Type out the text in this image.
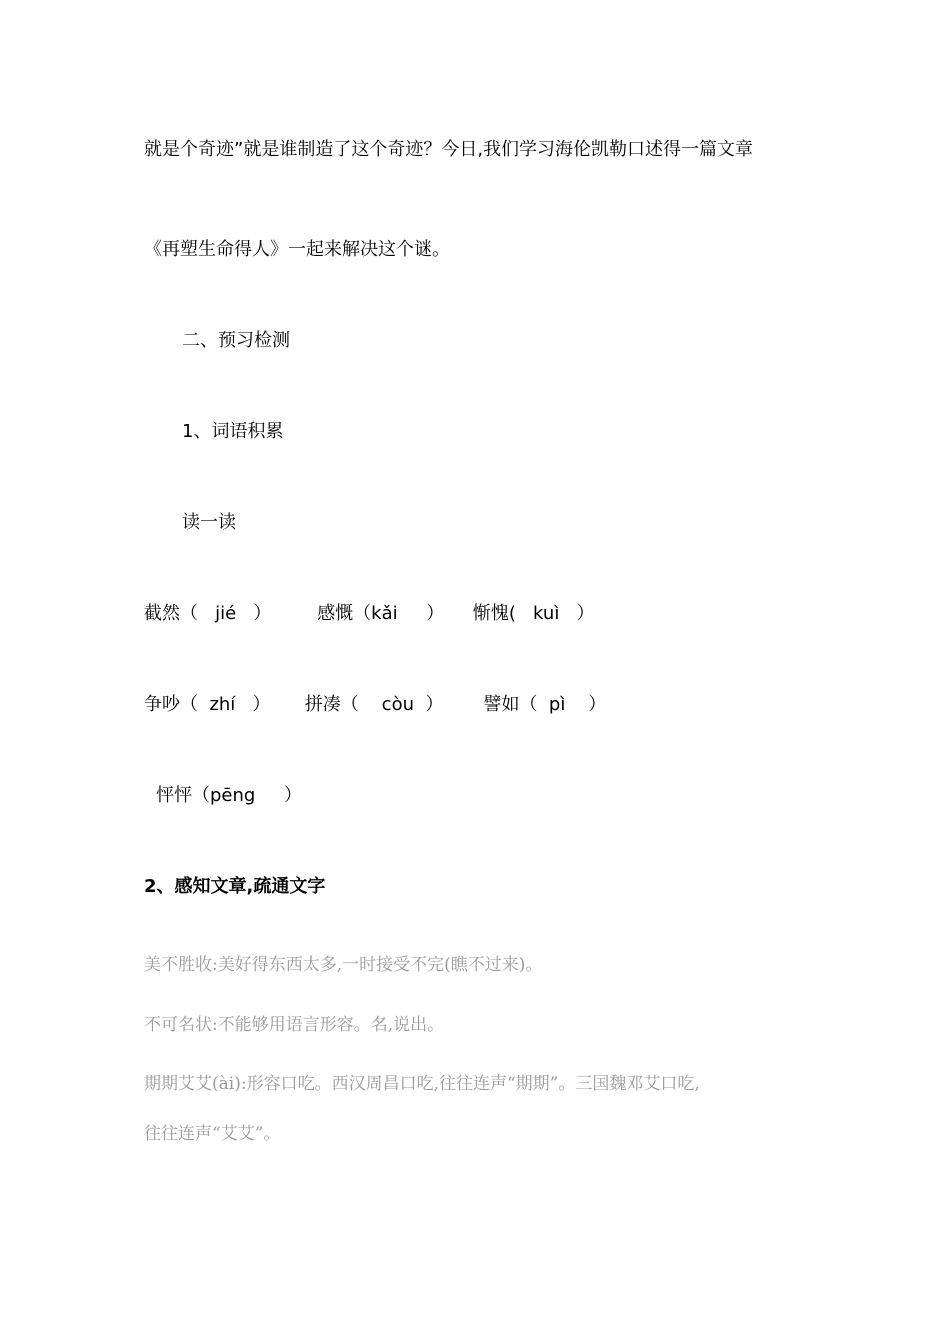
就是个奇迹”就是谁制造了这个奇迹？今日,我们学习海伦凯勒口述得一篇文章
《再塑生命得人》一起来解决这个谜。
二、预习检测
1、词语积累
读一读
截然（   jié   ）        感慨（kǎi     ）     惭愧(   kuì   ）
争吵（  zhí   ）      拼凑（    còu  ）       譬如（  pì    ）
怦怦（pēng     ）
2、感知文章,疏通文字
美不胜收:美好得东西太多,一时接受不完(瞧不过来)。
不可名状:不能够用语言形容。名,说出。
期期艾艾(ài):形容口吃。西汉周昌口吃,往往连声“期期”。三国魏邓艾口吃,
往往连声“艾艾”。
